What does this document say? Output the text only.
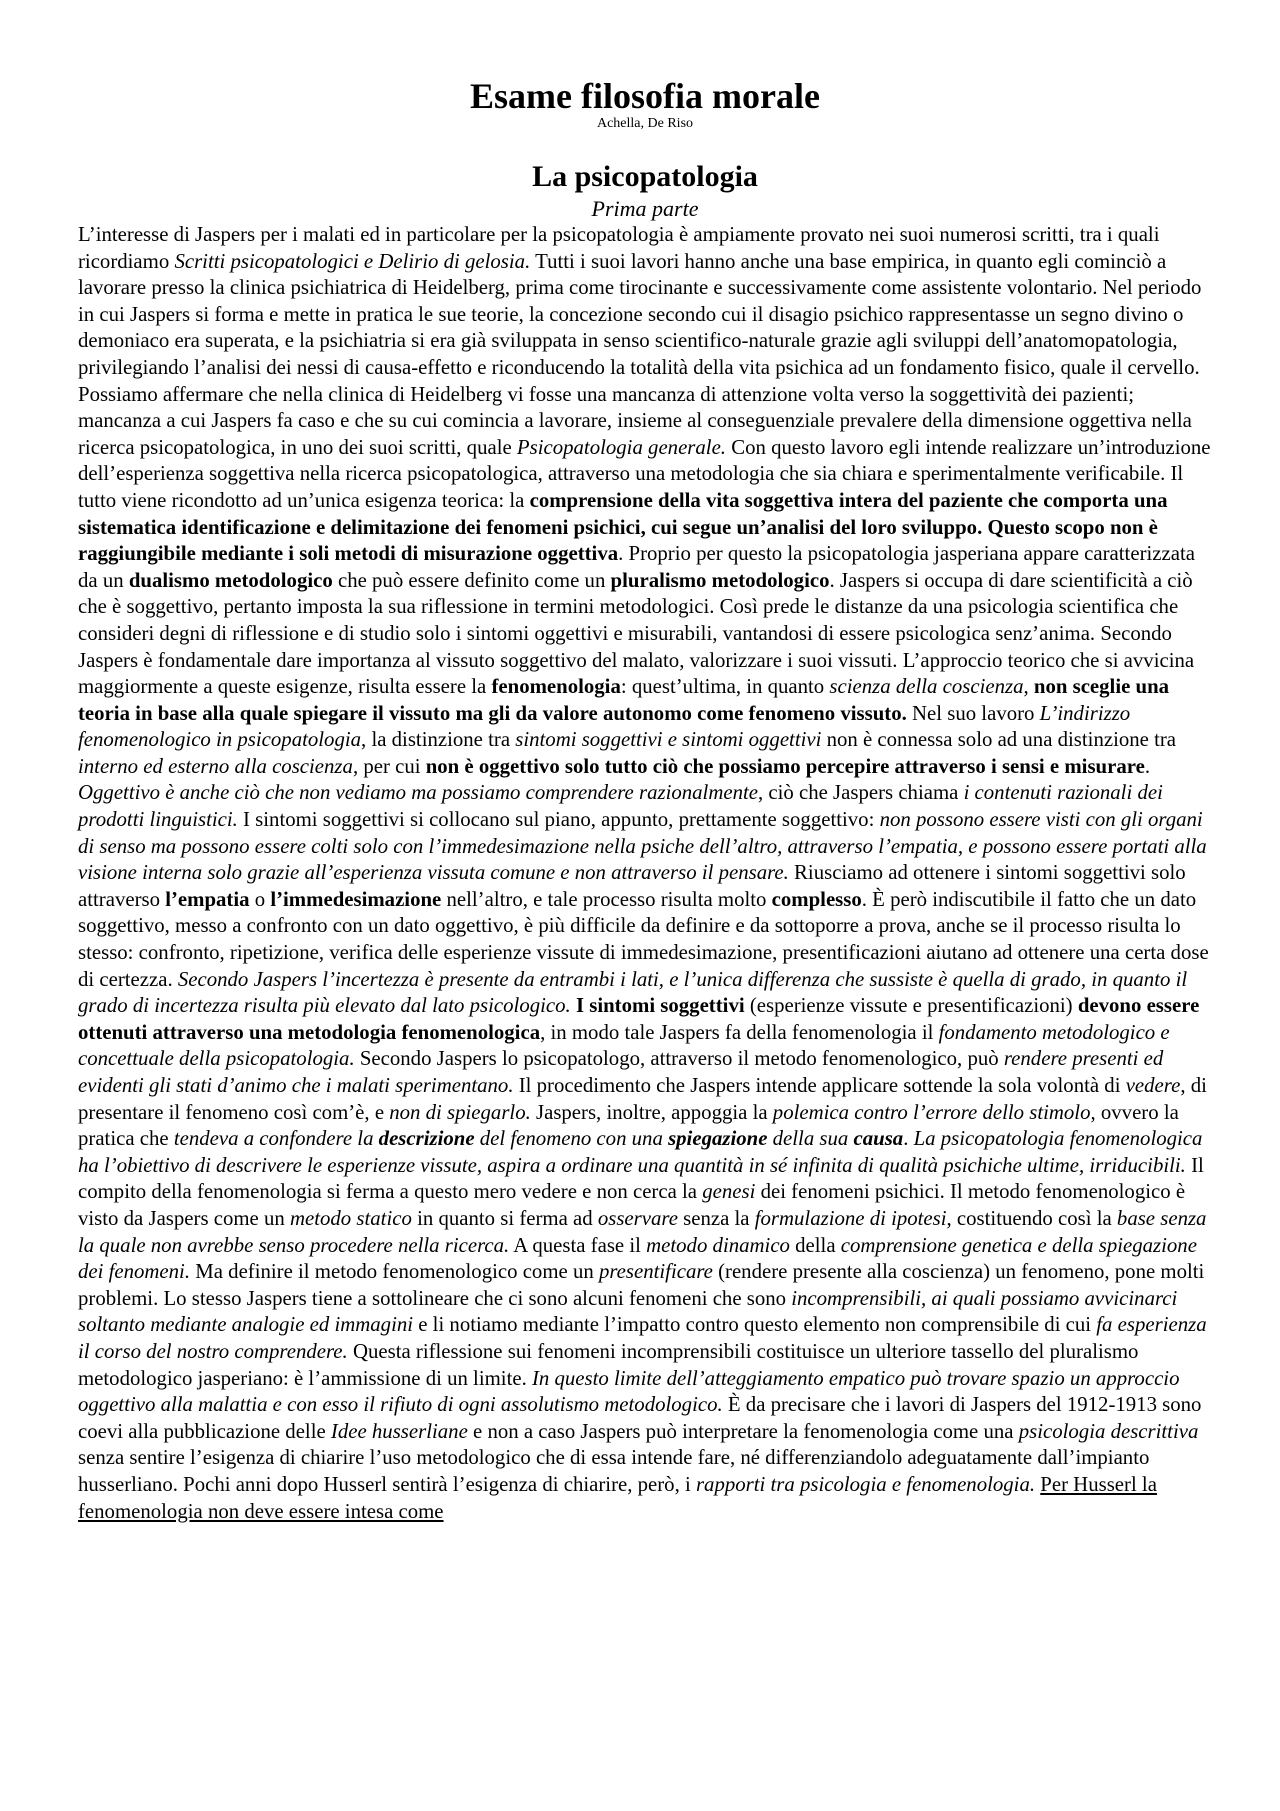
Esame filosofia morale
Achella, De Riso
La psicopatologia
Prima parte

L’interesse di Jaspers per i malati ed in particolare per la psicopatologia è ampiamente provato nei suoi numerosi scritti, tra i quali ricordiamo Scritti psicopatologici e Delirio di gelosia. Tutti i suoi lavori hanno anche una base empirica, in quanto egli cominciò a lavorare presso la clinica psichiatrica di Heidelberg, prima come tirocinante e successivamente come assistente volontario. Nel periodo in cui Jaspers si forma e mette in pratica le sue teorie, la concezione secondo cui il disagio psichico rappresentasse un segno divino o demoniaco era superata, e la psichiatria si era già sviluppata in senso scientifico-naturale grazie agli sviluppi dell’anatomopatologia, privilegiando l’analisi dei nessi di causa-effetto e riconducendo la totalità della vita psichica ad un fondamento fisico, quale il cervello. Possiamo affermare che nella clinica di Heidelberg vi fosse una mancanza di attenzione volta verso la soggettività dei pazienti; mancanza a cui Jaspers fa caso e che su cui comincia a lavorare, insieme al conseguenziale prevalere della dimensione oggettiva nella ricerca psicopatologica, in uno dei suoi scritti, quale Psicopatologia generale. Con questo lavoro egli intende realizzare un’introduzione dell’esperienza soggettiva nella ricerca psicopatologica, attraverso una metodologia che sia chiara e sperimentalmente verificabile. Il tutto viene ricondotto ad un’unica esigenza teorica: la comprensione della vita soggettiva intera del paziente che comporta una sistematica identificazione e delimitazione dei fenomeni psichici, cui segue un’analisi del loro sviluppo. Questo scopo non è raggiungibile mediante i soli metodi di misurazione oggettiva. Proprio per questo la psicopatologia jasperiana appare caratterizzata da un dualismo metodologico che può essere definito come un pluralismo metodologico. Jaspers si occupa di dare scientificità a ciò che è soggettivo, pertanto imposta la sua riflessione in termini metodologici. Così prede le distanze da una psicologia scientifica che consideri degni di riflessione e di studio solo i sintomi oggettivi e misurabili, vantandosi di essere psicologica senz’anima. Secondo Jaspers è fondamentale dare importanza al vissuto soggettivo del malato, valorizzare i suoi vissuti. L’approccio teorico che si avvicina maggiormente a queste esigenze, risulta essere la fenomenologia: quest’ultima, in quanto scienza della coscienza, non sceglie una teoria in base alla quale spiegare il vissuto ma gli da valore autonomo come fenomeno vissuto. Nel suo lavoro L’indirizzo fenomenologico in psicopatologia, la distinzione tra sintomi soggettivi e sintomi oggettivi non è connessa solo ad una distinzione tra interno ed esterno alla coscienza, per cui non è oggettivo solo tutto ciò che possiamo percepire attraverso i sensi e misurare. Oggettivo è anche ciò che non vediamo ma possiamo comprendere razionalmente, ciò che Jaspers chiama i contenuti razionali dei prodotti linguistici. I sintomi soggettivi si collocano sul piano, appunto, prettamente soggettivo: non possono essere visti con gli organi di senso ma possono essere colti solo con l’immedesimazione nella psiche dell’altro, attraverso l’empatia, e possono essere portati alla visione interna solo grazie all’esperienza vissuta comune e non attraverso il pensare. Riusciamo ad ottenere i sintomi soggettivi solo attraverso l’empatia o l’immedesimazione nell’altro, e tale processo risulta molto complesso. È però indiscutibile il fatto che un dato soggettivo, messo a confronto con un dato oggettivo, è più difficile da definire e da sottoporre a prova, anche se il processo risulta lo stesso: confronto, ripetizione, verifica delle esperienze vissute di immedesimazione, presentificazioni aiutano ad ottenere una certa dose di certezza. Secondo Jaspers l’incertezza è presente da entrambi i lati, e l’unica differenza che sussiste è quella di grado, in quanto il grado di incertezza risulta più elevato dal lato psicologico. I sintomi soggettivi (esperienze vissute e presentificazioni) devono essere ottenuti attraverso una metodologia fenomenologica, in modo tale Jaspers fa della fenomenologia il fondamento metodologico e concettuale della psicopatologia. Secondo Jaspers lo psicopatologo, attraverso il metodo fenomenologico, può rendere presenti ed evidenti gli stati d’animo che i malati sperimentano. Il procedimento che Jaspers intende applicare sottende la sola volontà di vedere, di presentare il fenomeno così com’è, e non di spiegarlo. Jaspers, inoltre, appoggia la polemica contro l’errore dello stimolo, ovvero la pratica che tendeva a confondere la descrizione del fenomeno con una spiegazione della sua causa. La psicopatologia fenomenologica ha l’obiettivo di descrivere le esperienze vissute, aspira a ordinare una quantità in sé infinita di qualità psichiche ultime, irriducibili. Il compito della fenomenologia si ferma a questo mero vedere e non cerca la genesi dei fenomeni psichici. Il metodo fenomenologico è visto da Jaspers come un metodo statico in quanto si ferma ad osservare senza la formulazione di ipotesi, costituendo così la base senza la quale non avrebbe senso procedere nella ricerca. A questa fase il metodo dinamico della comprensione genetica e della spiegazione dei fenomeni. Ma definire il metodo fenomenologico come un presentificare (rendere presente alla coscienza) un fenomeno, pone molti problemi. Lo stesso Jaspers tiene a sottolineare che ci sono alcuni fenomeni che sono incomprensibili, ai quali possiamo avvicinarci soltanto mediante analogie ed immagini e li notiamo mediante l’impatto contro questo elemento non comprensibile di cui fa esperienza il corso del nostro comprendere. Questa riflessione sui fenomeni incomprensibili costituisce un ulteriore tassello del pluralismo metodologico jasperiano: è l’ammissione di un limite. In questo limite dell’atteggiamento empatico può trovare spazio un approccio oggettivo alla malattia e con esso il rifiuto di ogni assolutismo metodologico. È da precisare che i lavori di Jaspers del 1912-1913 sono coevi alla pubblicazione delle Idee husserliane e non a caso Jaspers può interpretare la fenomenologia come una psicologia descrittiva senza sentire l’esigenza di chiarire l’uso metodologico che di essa intende fare, né differenziandolo adeguatamente dall’impianto husserliano. Pochi anni dopo Husserl sentirà l’esigenza di chiarire, però, i rapporti tra psicologia e fenomenologia. Per Husserl la fenomenologia non deve essere intesa come
